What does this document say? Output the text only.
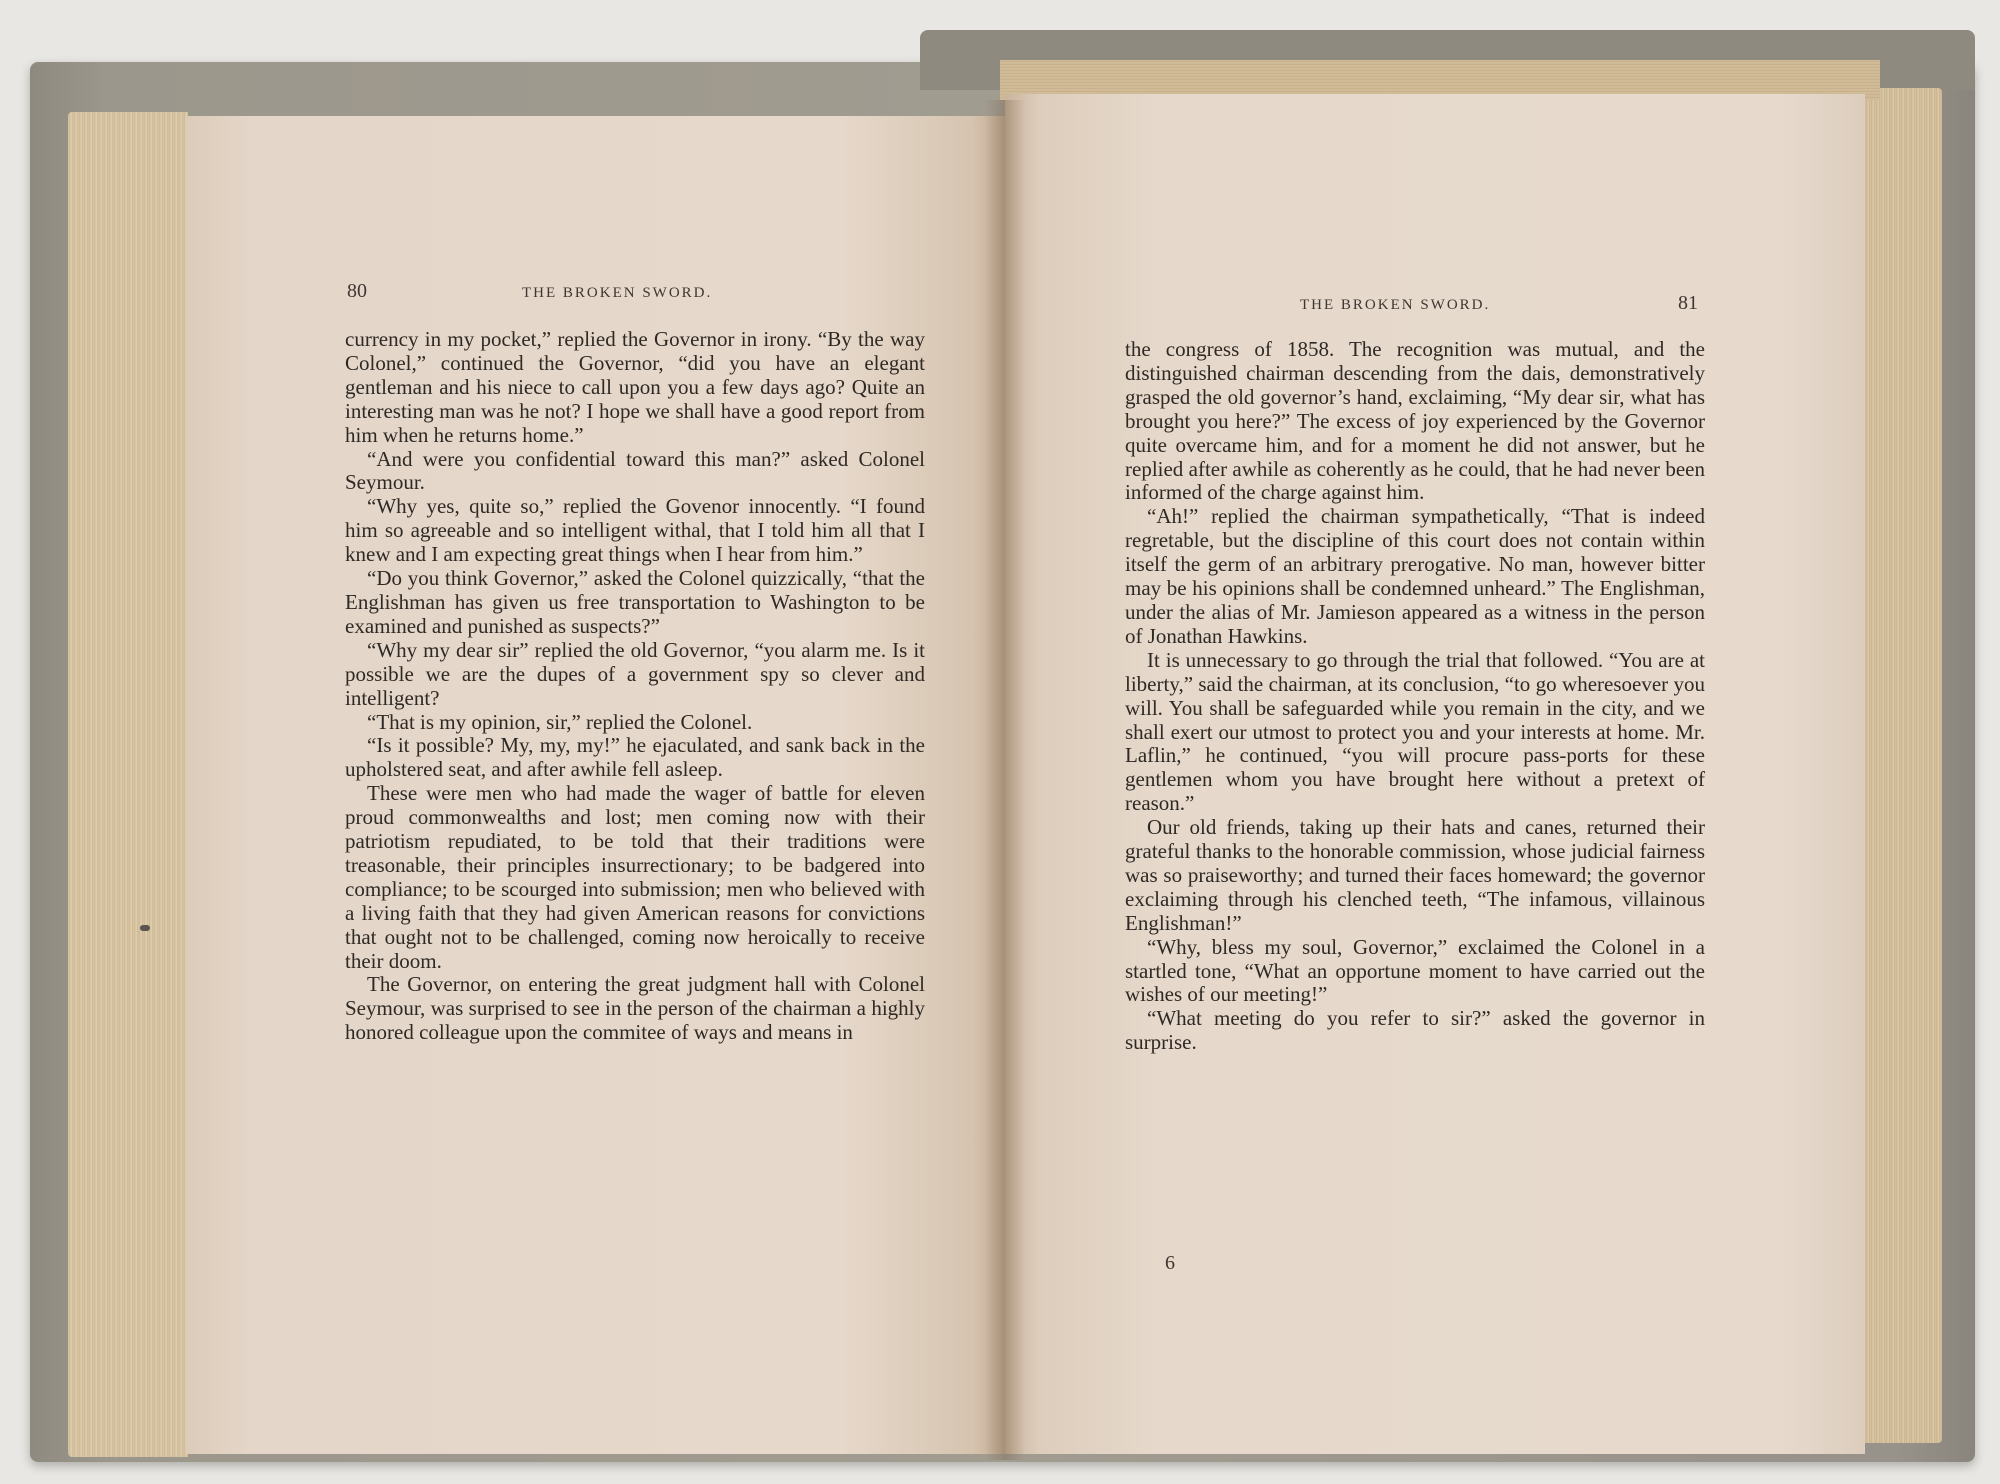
80	THE BROKEN SWORD.

currency in my pocket,” replied the Governor in irony. “By the way Colonel,” continued the Governor, “did you have an elegant gentleman and his niece to call upon you a few days ago? Quite an interesting man was he not? I hope we shall have a good report from him when he returns home.”

“And were you confidential toward this man?” asked Colonel Seymour.

“Why yes, quite so,” replied the Govenor innocently. “I found him so agreeable and so intelligent withal, that I told him all that I knew and I am expecting great things when I hear from him.”

“Do you think Governor,” asked the Colonel quizzically, “that the Englishman has given us free transportation to Washington to be examined and punished as suspects?”

“Why my dear sir” replied the old Governor, “you alarm me. Is it possible we are the dupes of a government spy so clever and intelligent?

“That is my opinion, sir,” replied the Colonel.

“Is it possible? My, my, my!” he ejaculated, and sank back in the upholstered seat, and after awhile fell asleep.

These were men who had made the wager of battle for eleven proud commonwealths and lost; men coming now with their patriotism repudiated, to be told that their traditions were treasonable, their principles insurrectionary; to be badgered into compliance; to be scourged into submission; men who believed with a living faith that they had given American reasons for convictions that ought not to be challenged, coming now heroically to receive their doom.

The Governor, on entering the great judgment hall with Colonel Seymour, was surprised to see in the person of the chairman a highly honored colleague upon the commitee of ways and means in

THE BROKEN SWORD.	81

the congress of 1858. The recognition was mutual, and the distinguished chairman descending from the dais, demonstratively grasped the old governor’s hand, exclaiming, “My dear sir, what has brought you here?” The excess of joy experienced by the Governor quite overcame him, and for a moment he did not answer, but he replied after awhile as coherently as he could, that he had never been informed of the charge against him.

“Ah!” replied the chairman sympathetically, “That is indeed regretable, but the discipline of this court does not contain within itself the germ of an arbitrary prerogative. No man, however bitter may be his opinions shall be condemned unheard.” The Englishman, under the alias of Mr. Jamieson appeared as a witness in the person of Jonathan Hawkins.

It is unnecessary to go through the trial that followed. “You are at liberty,” said the chairman, at its conclusion, “to go wheresoever you will. You shall be safeguarded while you remain in the city, and we shall exert our utmost to protect you and your interests at home. Mr. Laflin,” he continued, “you will procure pass-ports for these gentlemen whom you have brought here without a pretext of reason.”

Our old friends, taking up their hats and canes, returned their grateful thanks to the honorable commission, whose judicial fairness was so praiseworthy; and turned their faces homeward; the governor exclaiming through his clenched teeth, “The infamous, villainous Englishman!”

“Why, bless my soul, Governor,” exclaimed the Colonel in a startled tone, “What an opportune moment to have carried out the wishes of our meeting!”

“What meeting do you refer to sir?” asked the governor in surprise.

6
